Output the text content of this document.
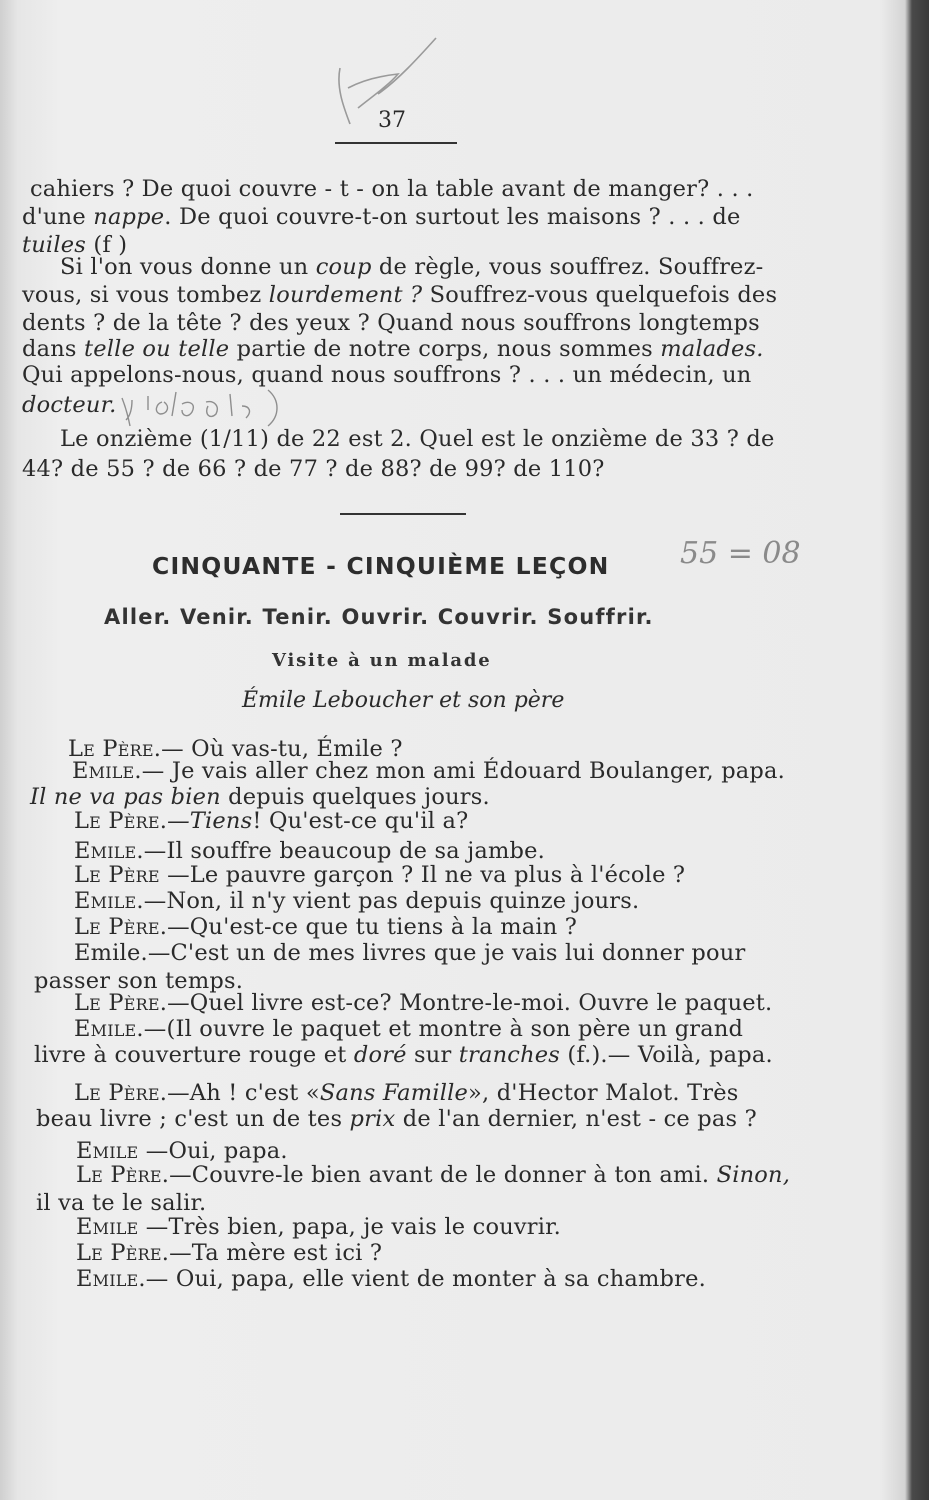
37
cahiers ? De quoi couvre - t - on la table avant de manger? . . .
d'une nappe. De quoi couvre-t-on surtout les maisons ? . . . de
tuiles (f )
Si l'on vous donne un coup de règle, vous souffrez. Souffrez-
vous, si vous tombez lourdement ? Souffrez-vous quelquefois des
dents ? de la tête ? des yeux ? Quand nous souffrons longtemps
dans telle ou telle partie de notre corps, nous sommes malades.
Qui appelons-nous, quand nous souffrons ? . . . un médecin, un
docteur.
Le onzième (1/11) de 22 est 2. Quel est le onzième de 33 ? de
44? de 55 ? de 66 ? de 77 ? de 88? de 99? de 110?
CINQUANTE - CINQUIÈME LEÇON 55 = 08
Aller. Venir. Tenir. Ouvrir. Couvrir. Souffrir.
Visite à un malade
Émile Leboucher et son père
Le Père.— Où vas-tu, Émile ?
Emile.— Je vais aller chez mon ami Édouard Boulanger, papa.
Il ne va pas bien depuis quelques jours.
Le Père.—Tiens! Qu'est-ce qu'il a?
Emile.—Il souffre beaucoup de sa jambe.
Le Père —Le pauvre garçon ? Il ne va plus à l'école ?
Emile.—Non, il n'y vient pas depuis quinze jours.
Le Père.—Qu'est-ce que tu tiens à la main ?
Emile.—C'est un de mes livres que je vais lui donner pour
passer son temps.
Le Père.—Quel livre est-ce? Montre-le-moi. Ouvre le paquet.
Emile.—(Il ouvre le paquet et montre à son père un grand
livre à couverture rouge et doré sur tranches (f.).— Voilà, papa.
Le Père.—Ah ! c'est «Sans Famille», d'Hector Malot. Très
beau livre ; c'est un de tes prix de l'an dernier, n'est - ce pas ?
Emile —Oui, papa.
Le Père.—Couvre-le bien avant de le donner à ton ami. Sinon,
il va te le salir.
Emile —Très bien, papa, je vais le couvrir.
Le Père.—Ta mère est ici ?
Emile.— Oui, papa, elle vient de monter à sa chambre.
